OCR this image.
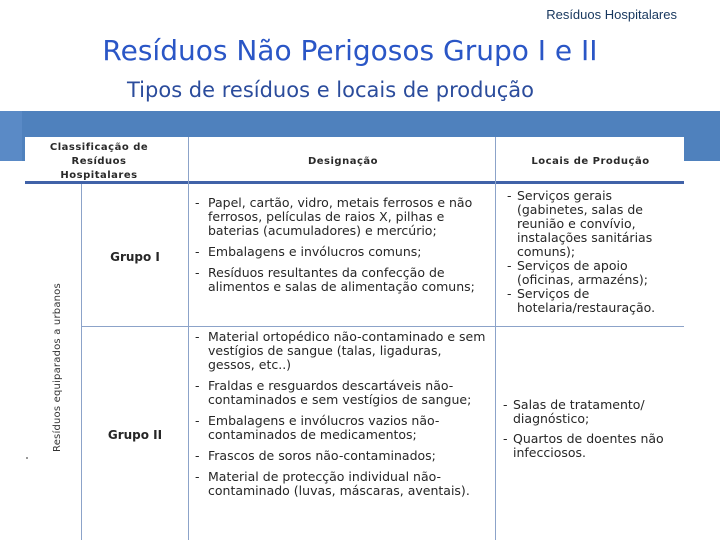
Resíduos Hospitalares
Resíduos Não Perigosos Grupo I e II
Tipos de resíduos e locais de produção
Classificação de
Resíduos
Hospitalares
Designação	Locais de Produção
Grupo I
Grupo II
- Papel, cartão, vidro, metais ferrosos e não ferrosos, películas de raios X, pilhas e baterias (acumuladores) e mercúrio;
- Embalagens e invólucros comuns;
- Resíduos resultantes da confecção de alimentos e salas de alimentação comuns;
- Serviços gerais (gabinetes, salas de reunião e convívio, instalações sanitárias comuns);
- Serviços de apoio (oficinas, armazéns);
- Serviços de hotelaria/restauração.
- Material ortopédico não-contaminado e sem vestígios de sangue (talas, ligaduras, gessos, etc..)
- Fraldas e resguardos descartáveis não-contaminados e sem vestígios de sangue;
- Embalagens e invólucros vazios não-contaminados de medicamentos;
- Frascos de soros não-contaminados;
- Material de protecção individual não-contaminado (luvas, máscaras, aventais).
- Salas de tratamento/ diagnóstico;
- Quartos de doentes não infecciosos.
Resíduos equiparados a urbanos
